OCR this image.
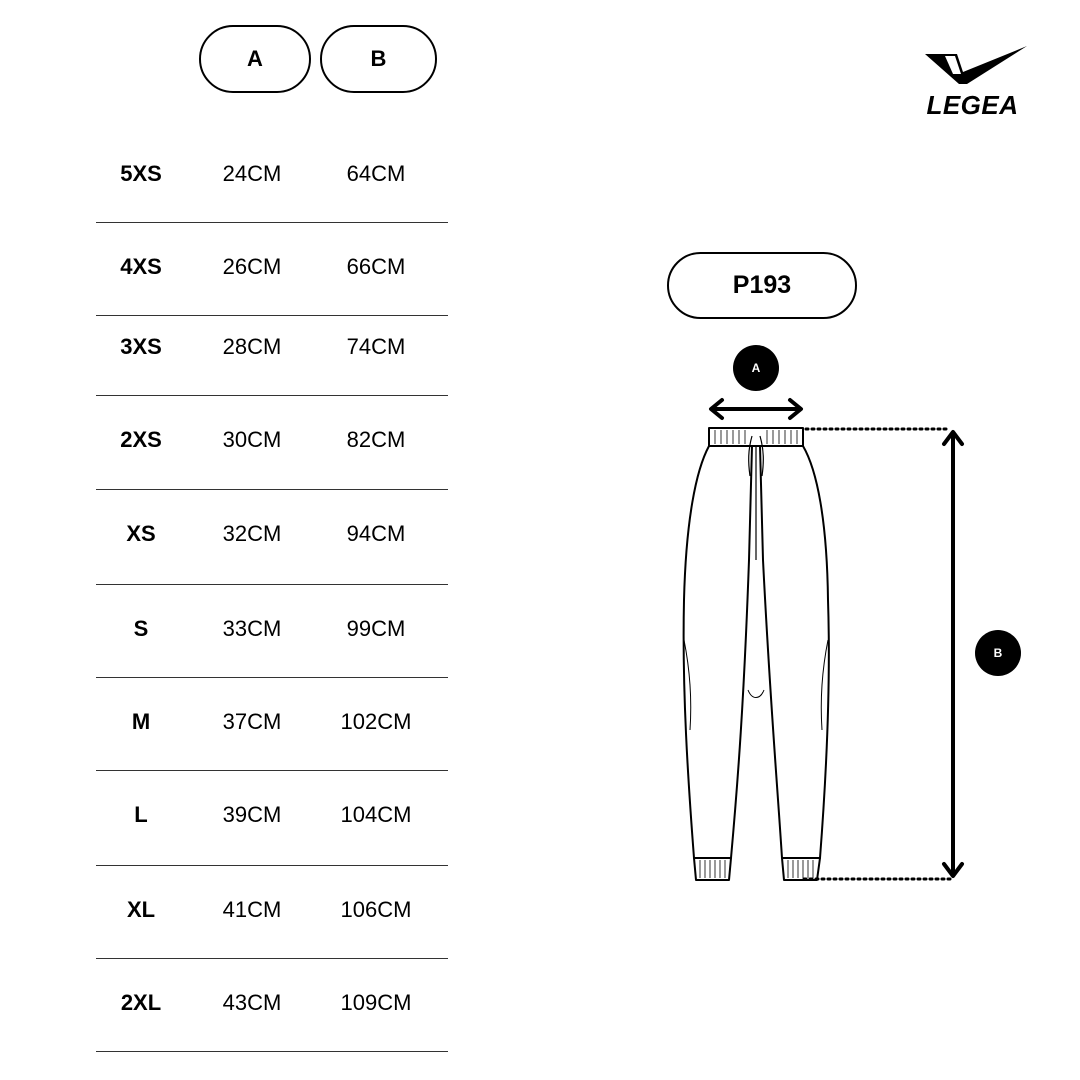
A	B
5XS	24CM	64CM
4XS	26CM	66CM
3XS	28CM	74CM
2XS	30CM	82CM
XS	32CM	94CM
S	33CM	99CM
M	37CM	102CM
L	39CM	104CM
XL	41CM	106CM
2XL	43CM	109CM
LEGEA
P193
A
B
